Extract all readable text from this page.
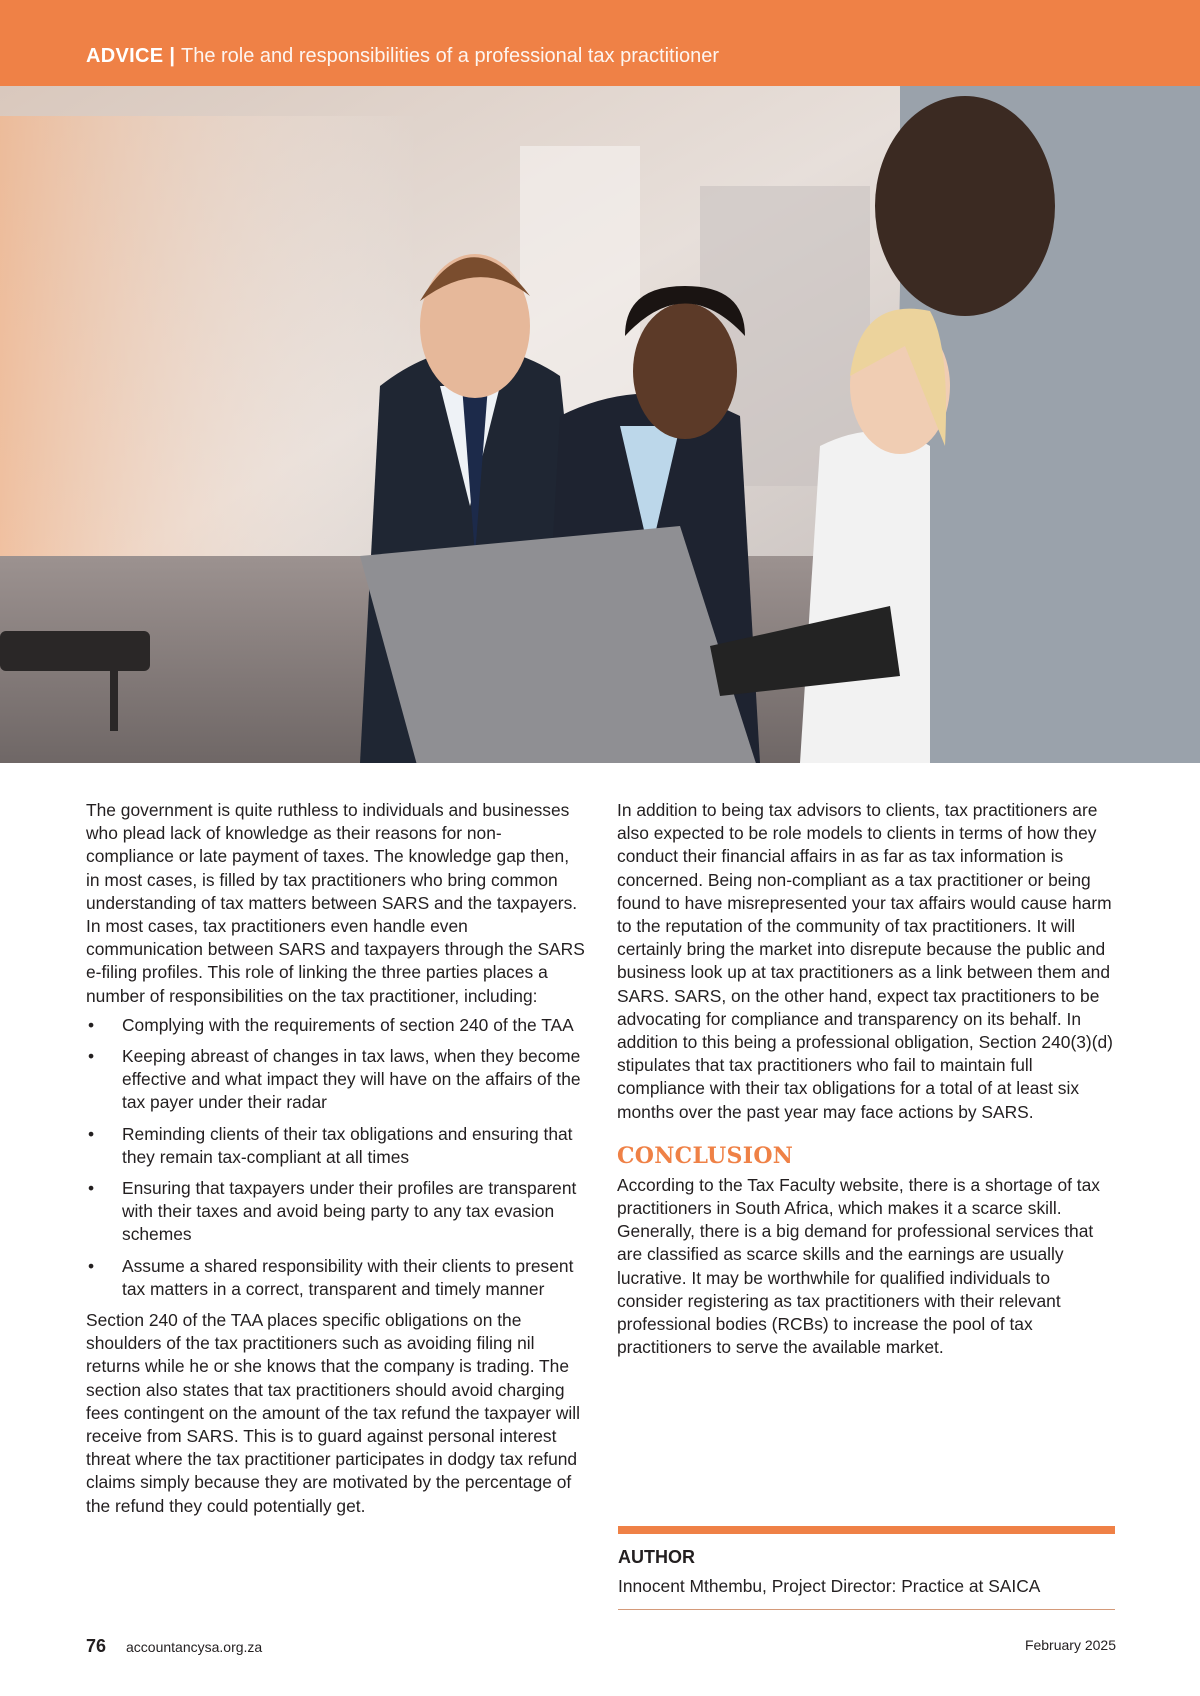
ADVICE | The role and responsibilities of a professional tax practitioner

The government is quite ruthless to individuals and businesses who plead lack of knowledge as their reasons for non-compliance or late payment of taxes. The knowledge gap then, in most cases, is filled by tax practitioners who bring common understanding of tax matters between SARS and the taxpayers. In most cases, tax practitioners even handle even communication between SARS and taxpayers through the SARS e-filing profiles. This role of linking the three parties places a number of responsibilities on the tax practitioner, including:

• Complying with the requirements of section 240 of the TAA
• Keeping abreast of changes in tax laws, when they become effective and what impact they will have on the affairs of the tax payer under their radar
• Reminding clients of their tax obligations and ensuring that they remain tax-compliant at all times
• Ensuring that taxpayers under their profiles are transparent with their taxes and avoid being party to any tax evasion schemes
• Assume a shared responsibility with their clients to present tax matters in a correct, transparent and timely manner

Section 240 of the TAA places specific obligations on the shoulders of the tax practitioners such as avoiding filing nil returns while he or she knows that the company is trading. The section also states that tax practitioners should avoid charging fees contingent on the amount of the tax refund the taxpayer will receive from SARS. This is to guard against personal interest threat where the tax practitioner participates in dodgy tax refund claims simply because they are motivated by the percentage of the refund they could potentially get.

In addition to being tax advisors to clients, tax practitioners are also expected to be role models to clients in terms of how they conduct their financial affairs in as far as tax information is concerned. Being non-compliant as a tax practitioner or being found to have misrepresented your tax affairs would cause harm to the reputation of the community of tax practitioners. It will certainly bring the market into disrepute because the public and business look up at tax practitioners as a link between them and SARS. SARS, on the other hand, expect tax practitioners to be advocating for compliance and transparency on its behalf. In addition to this being a professional obligation, Section 240(3)(d) stipulates that tax practitioners who fail to maintain full compliance with their tax obligations for a total of at least six months over the past year may face actions by SARS.

CONCLUSION

According to the Tax Faculty website, there is a shortage of tax practitioners in South Africa, which makes it a scarce skill. Generally, there is a big demand for professional services that are classified as scarce skills and the earnings are usually lucrative. It may be worthwhile for qualified individuals to consider registering as tax practitioners with their relevant professional bodies (RCBs) to increase the pool of tax practitioners to serve the available market.

AUTHOR
Innocent Mthembu, Project Director: Practice at SAICA
76 accountancysa.org.za	February 2025
